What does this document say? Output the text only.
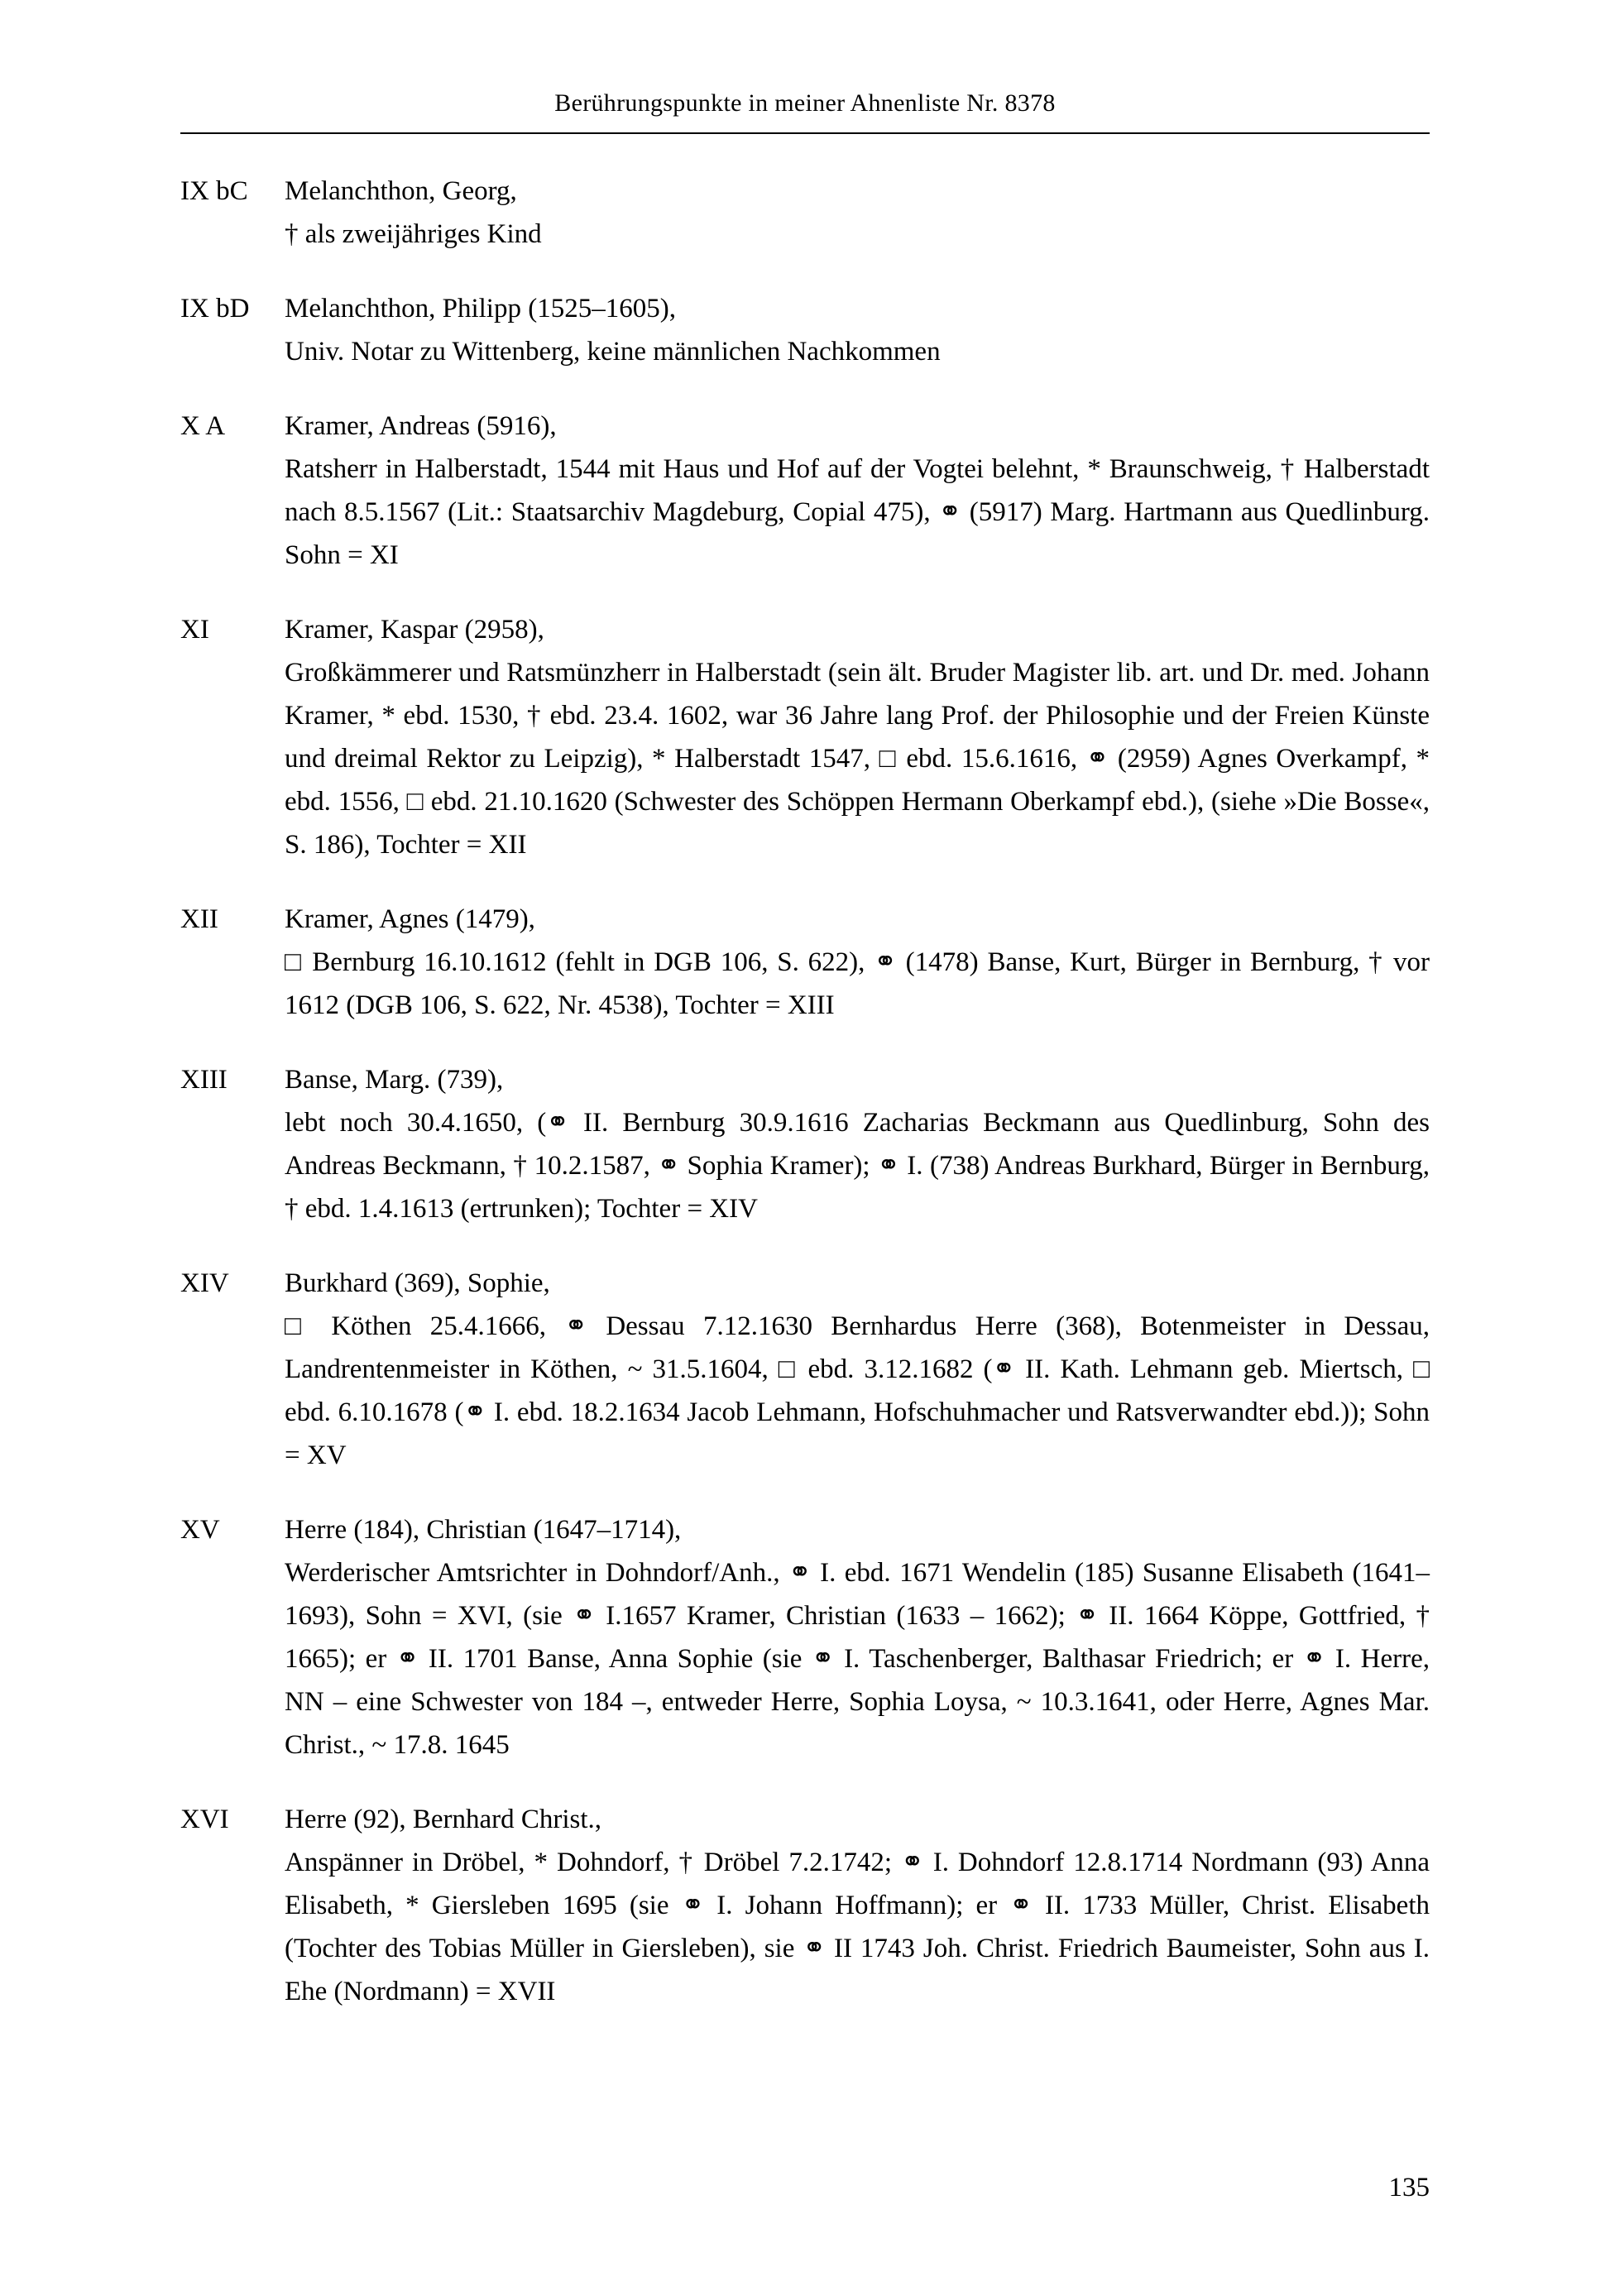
Berührungspunkte in meiner Ahnenliste Nr. 8378
IX bC	Melanchthon, Georg,
† als zweijähriges Kind
IX bD	Melanchthon, Philipp (1525–1605),
Univ. Notar zu Wittenberg, keine männlichen Nachkommen
X A	Kramer, Andreas (5916),
Ratsherr in Halberstadt, 1544 mit Haus und Hof auf der Vogtei belehnt, * Braunschweig, † Halberstadt nach 8.5.1567 (Lit.: Staatsarchiv Magdeburg, Copial 475), ⚭ (5917) Marg. Hartmann aus Quedlinburg. Sohn = XI
XI	Kramer, Kaspar (2958),
Großkämmerer und Ratsmünzherr in Halberstadt (sein ält. Bruder Magister lib. art. und Dr. med. Johann Kramer, * ebd. 1530, † ebd. 23.4. 1602, war 36 Jahre lang Prof. der Philosophie und der Freien Künste und dreimal Rektor zu Leipzig), * Halberstadt 1547, □ ebd. 15.6.1616, ⚭ (2959) Agnes Overkampf, * ebd. 1556, □ ebd. 21.10.1620 (Schwester des Schöppen Hermann Oberkampf ebd.), (siehe »Die Bosse«, S. 186), Tochter = XII
XII	Kramer, Agnes (1479),
□ Bernburg 16.10.1612 (fehlt in DGB 106, S. 622), ⚭ (1478) Banse, Kurt, Bürger in Bernburg, † vor 1612 (DGB 106, S. 622, Nr. 4538), Tochter = XIII
XIII	Banse, Marg. (739),
lebt noch 30.4.1650, (⚭ II. Bernburg 30.9.1616 Zacharias Beckmann aus Quedlinburg, Sohn des Andreas Beckmann, † 10.2.1587, ⚭ Sophia Kramer); ⚭ I. (738) Andreas Burkhard, Bürger in Bernburg, † ebd. 1.4.1613 (ertrunken); Tochter = XIV
XIV	Burkhard (369), Sophie,
□ Köthen 25.4.1666, ⚭ Dessau 7.12.1630 Bernhardus Herre (368), Botenmeister in Dessau, Landrentenmeister in Köthen, ~ 31.5.1604, □ ebd. 3.12.1682 (⚭ II. Kath. Lehmann geb. Miertsch, □ ebd. 6.10.1678 (⚭ I. ebd. 18.2.1634 Jacob Lehmann, Hofschuhmacher und Ratsverwandter ebd.)); Sohn = XV
XV	Herre (184), Christian (1647–1714),
Werderischer Amtsrichter in Dohndorf/Anh., ⚭ I. ebd. 1671 Wendelin (185) Susanne Elisabeth (1641–1693), Sohn = XVI, (sie ⚭ I.1657 Kramer, Christian (1633 – 1662); ⚭ II. 1664 Köppe, Gottfried, † 1665); er ⚭ II. 1701 Banse, Anna Sophie (sie ⚭ I. Taschenberger, Balthasar Friedrich; er ⚭ I. Herre, NN – eine Schwester von 184 –, entweder Herre, Sophia Loysa, ~ 10.3.1641, oder Herre, Agnes Mar. Christ., ~ 17.8. 1645
XVI	Herre (92), Bernhard Christ.,
Anspänner in Dröbel, * Dohndorf, † Dröbel 7.2.1742; ⚭ I. Dohndorf 12.8.1714 Nordmann (93) Anna Elisabeth, * Giersleben 1695 (sie ⚭ I. Johann Hoffmann); er ⚭ II. 1733 Müller, Christ. Elisabeth (Tochter des Tobias Müller in Giersleben), sie ⚭ II 1743 Joh. Christ. Friedrich Baumeister, Sohn aus I. Ehe (Nordmann) = XVII
135
